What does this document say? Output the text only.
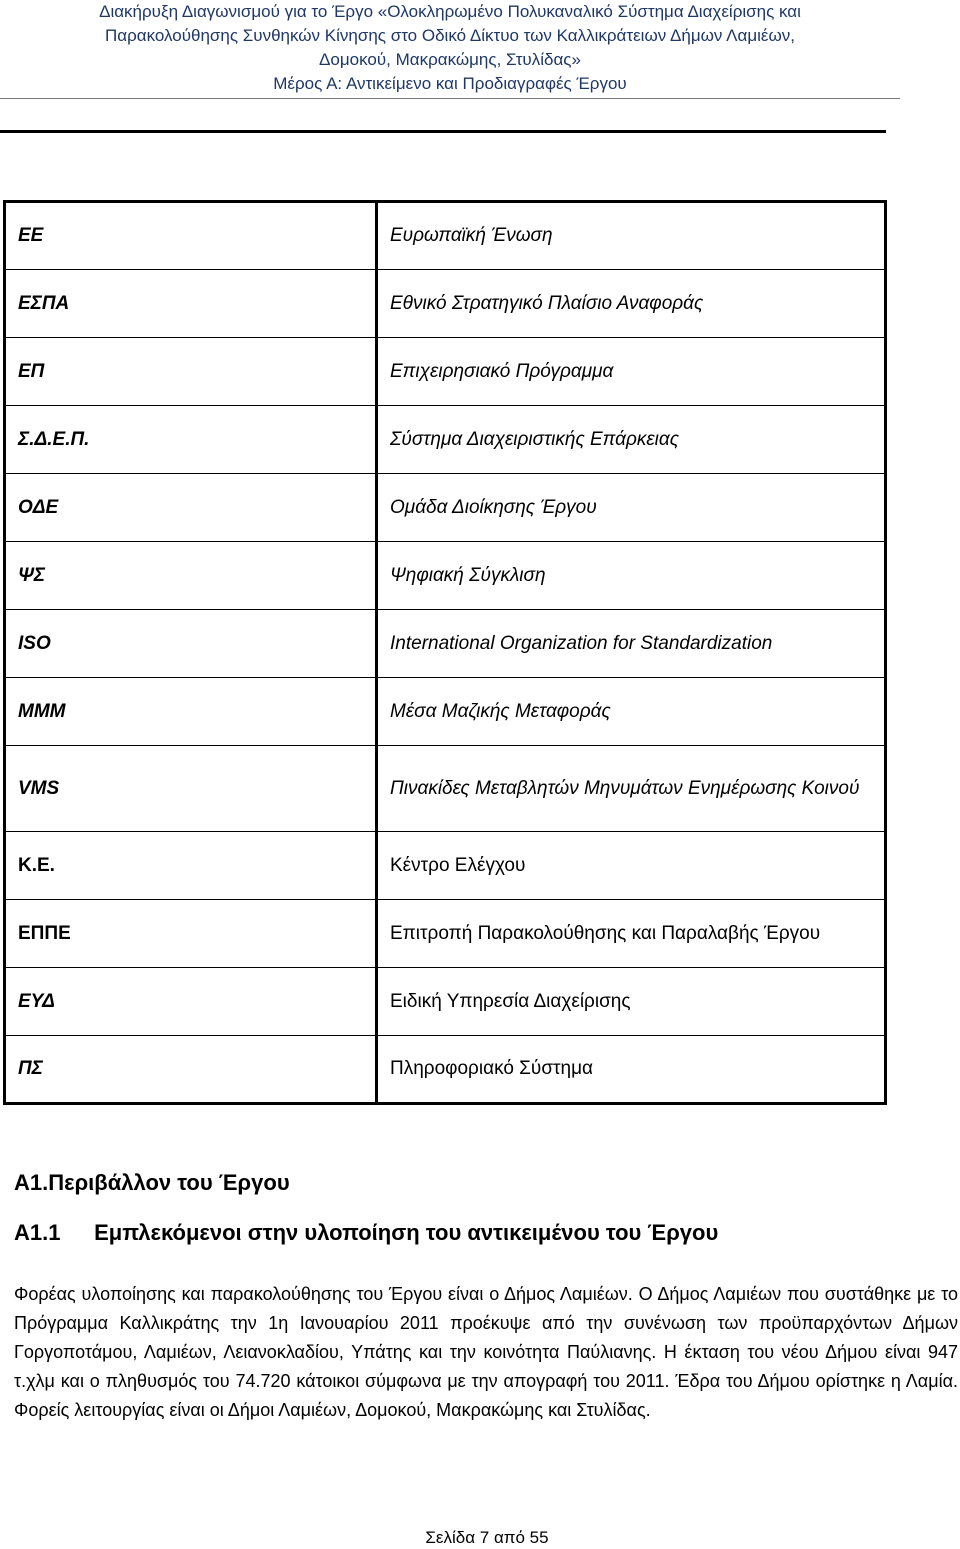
Διακήρυξη Διαγωνισμού για το Έργο «Ολοκληρωμένο Πολυκαναλικό Σύστημα Διαχείρισης και
Παρακολούθησης Συνθηκών Κίνησης στο Οδικό Δίκτυο των Καλλικράτειων Δήμων Λαμιέων,
Δομοκού, Μακρακώμης, Στυλίδας»
Μέρος Α: Αντικείμενο και Προδιαγραφές Έργου
ΕΕ	Ευρωπαϊκή Ένωση
ΕΣΠΑ	Εθνικό Στρατηγικό Πλαίσιο Αναφοράς
ΕΠ	Επιχειρησιακό Πρόγραμμα
Σ.Δ.Ε.Π.	Σύστημα Διαχειριστικής Επάρκειας
ΟΔΕ	Ομάδα Διοίκησης Έργου
ΨΣ	Ψηφιακή Σύγκλιση
ISO	International Organization for Standardization
ΜΜΜ	Μέσα Μαζικής Μεταφοράς
VMS	Πινακίδες Μεταβλητών Μηνυμάτων Ενημέρωσης Κοινού
Κ.Ε.	Κέντρο Ελέγχου
ΕΠΠΕ	Επιτροπή Παρακολούθησης και Παραλαβής Έργου
ΕΥΔ	Ειδική Υπηρεσία Διαχείρισης
ΠΣ	Πληροφοριακό Σύστημα
Α1.Περιβάλλον του Έργου
Α1.1 Εμπλεκόμενοι στην υλοποίηση του αντικειμένου του Έργου
Φορέας υλοποίησης και παρακολούθησης του Έργου είναι ο Δήμος Λαμιέων. Ο Δήμος Λαμιέων που συστάθηκε με το Πρόγραμμα Καλλικράτης την 1η Ιανουαρίου 2011 προέκυψε από την συνένωση των προϋπαρχόντων Δήμων Γοργοποτάμου, Λαμιέων, Λειανοκλαδίου, Υπάτης και την κοινότητα Παύλιανης. Η έκταση του νέου Δήμου είναι 947 τ.χλμ και ο πληθυσμός του 74.720 κάτοικοι σύμφωνα με την απογραφή του 2011. Έδρα του Δήμου ορίστηκε η Λαμία. Φορείς λειτουργίας είναι οι Δήμοι Λαμιέων, Δομοκού, Μακρακώμης και Στυλίδας.
Σελίδα 7 από 55
